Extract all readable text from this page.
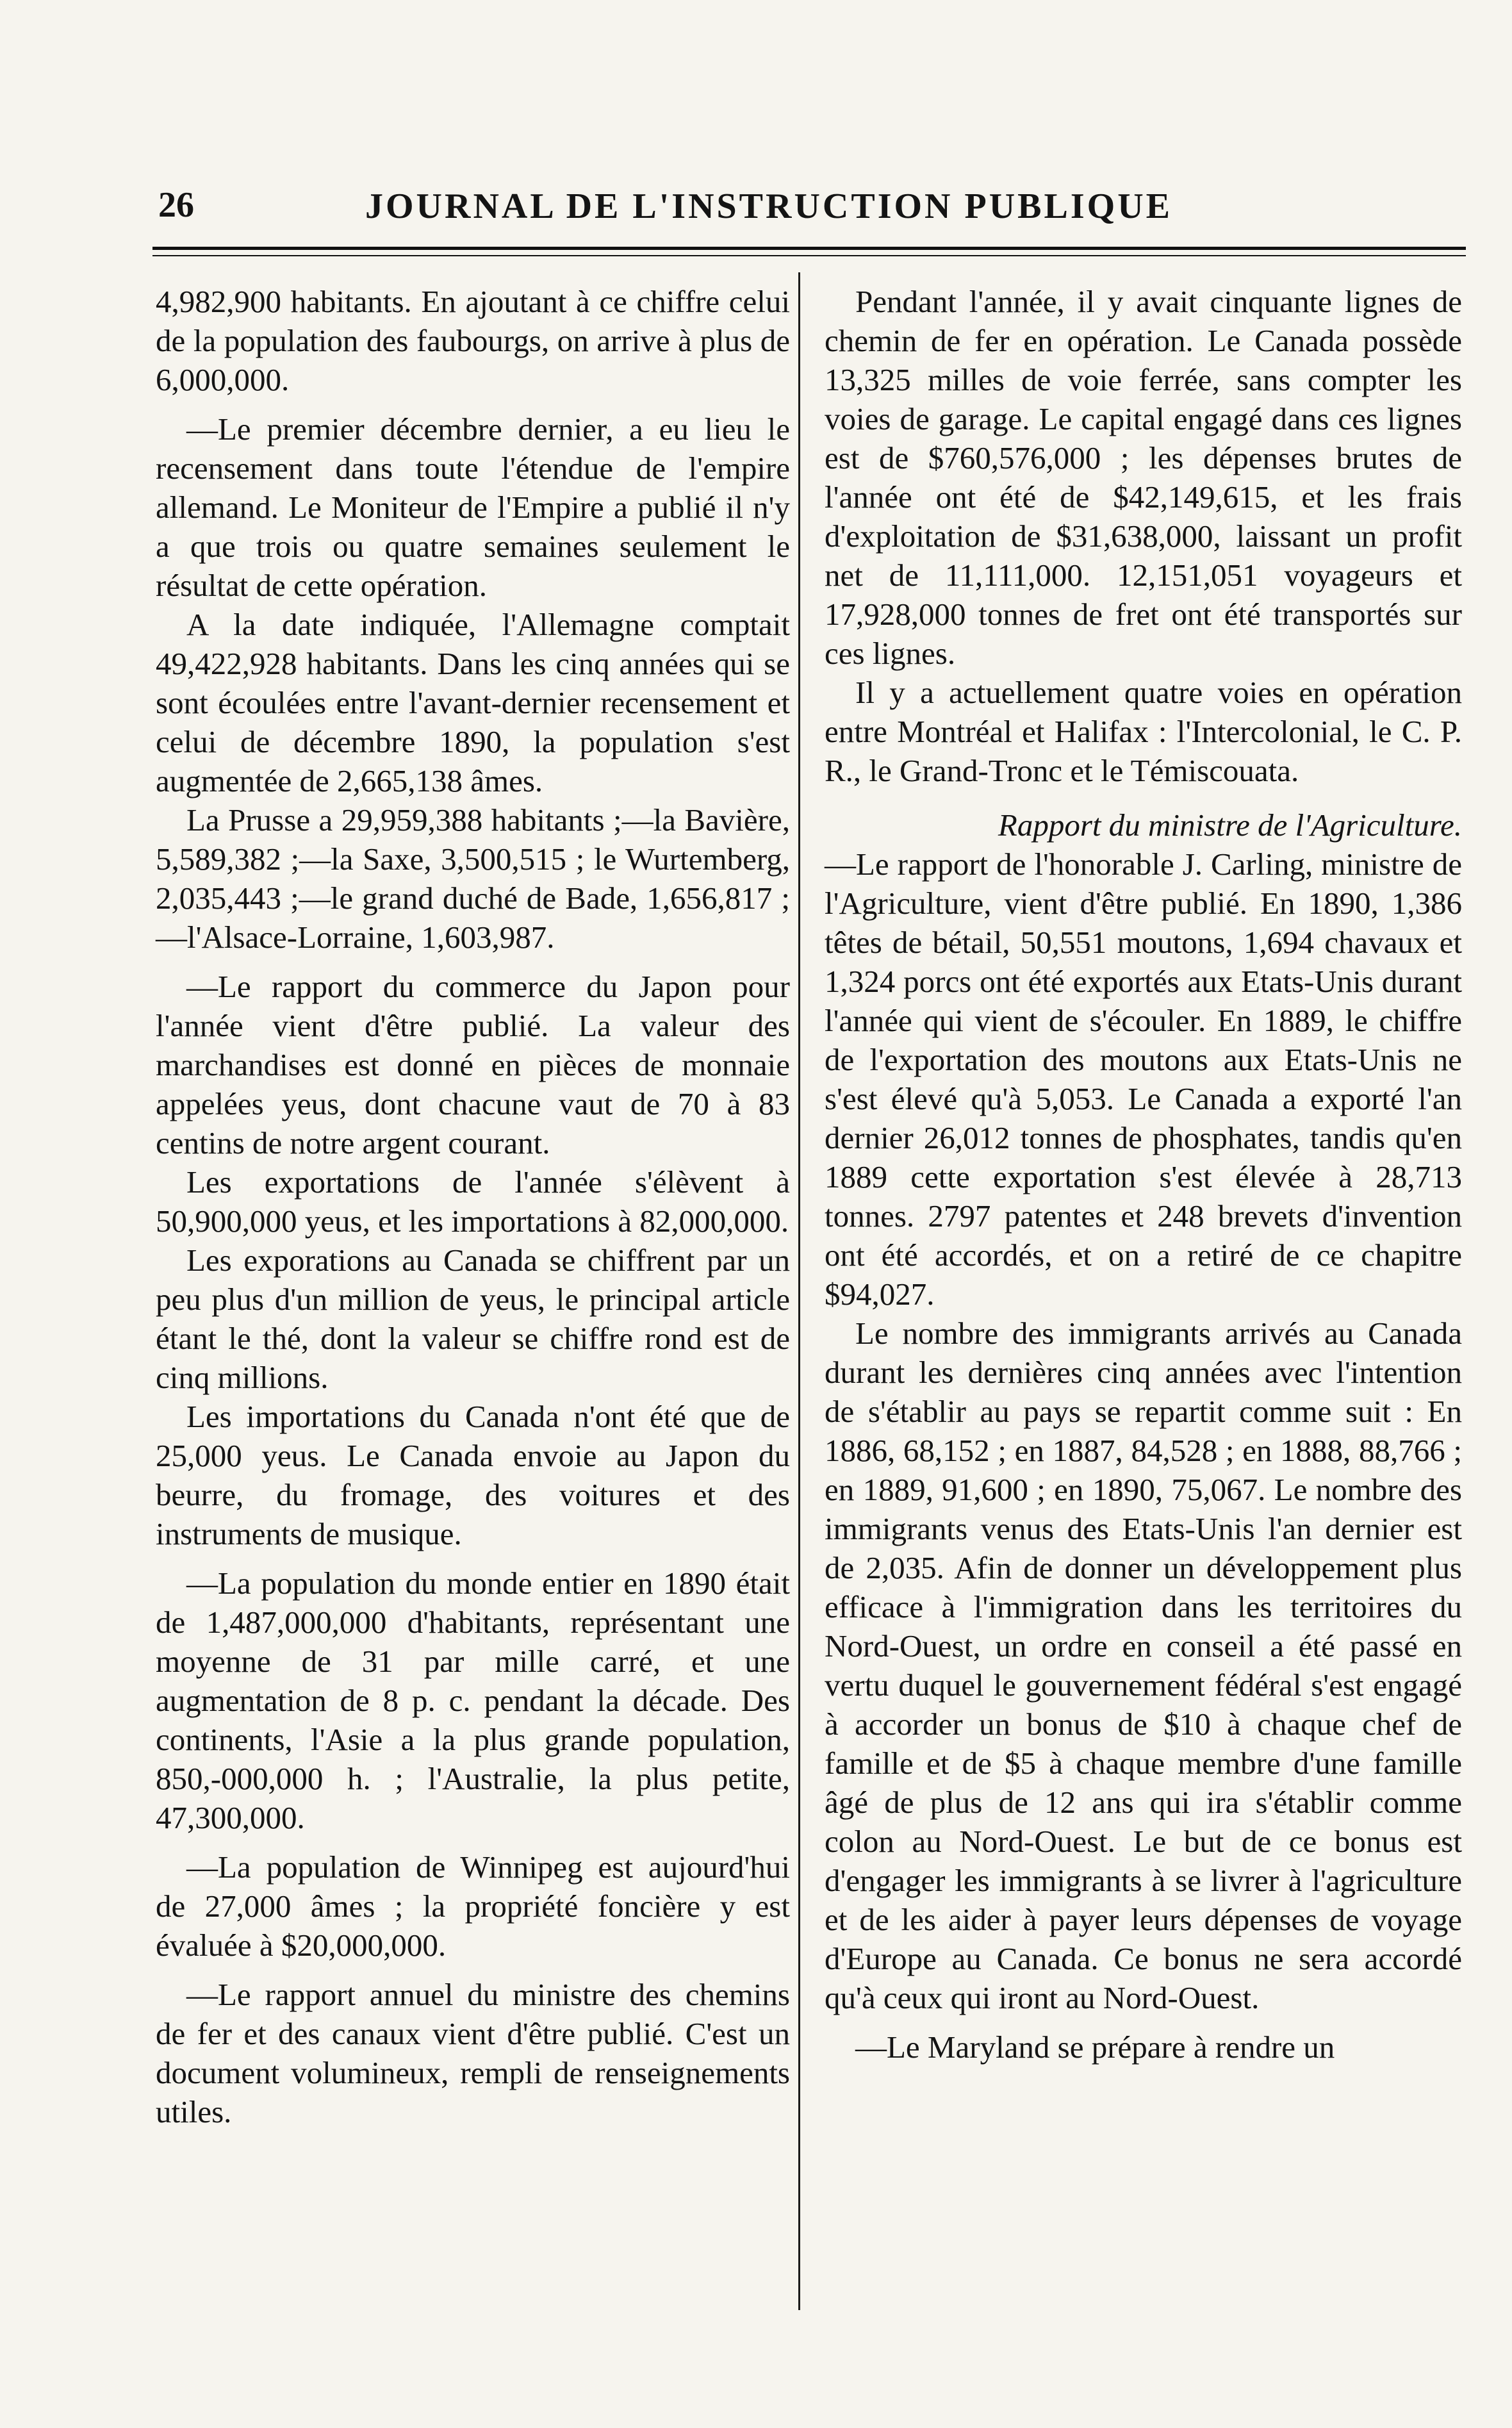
26	JOURNAL DE L'INSTRUCTION PUBLIQUE

4,982,900 habitants. En ajoutant à ce chiffre celui de la population des faubourgs, on arrive à plus de 6,000,000.

—Le premier décembre dernier, a eu lieu le recensement dans toute l'étendue de l'empire allemand. Le Moniteur de l'Empire a publié il n'y a que trois ou quatre semaines seulement le résultat de cette opération.

A la date indiquée, l'Allemagne comptait 49,422,928 habitants. Dans les cinq années qui se sont écoulées entre l'avant-dernier recensement et celui de décembre 1890, la population s'est augmentée de 2,665,138 âmes.

La Prusse a 29,959,388 habitants ;—la Bavière, 5,589,382 ;—la Saxe, 3,500,515 ; le Wurtemberg, 2,035,443 ;—le grand duché de Bade, 1,656,817 ;—l'Alsace-Lorraine, 1,603,987.

—Le rapport du commerce du Japon pour l'année vient d'être publié. La valeur des marchandises est donné en pièces de monnaie appelées yeus, dont chacune vaut de 70 à 83 centins de notre argent courant.

Les exportations de l'année s'élèvent à 50,900,000 yeus, et les importations à 82,000,000.

Les exporations au Canada se chiffrent par un peu plus d'un million de yeus, le principal article étant le thé, dont la valeur se chiffre rond est de cinq millions.

Les importations du Canada n'ont été que de 25,000 yeus. Le Canada envoie au Japon du beurre, du fromage, des voitures et des instruments de musique.

—La population du monde entier en 1890 était de 1,487,000,000 d'habitants, représentant une moyenne de 31 par mille carré, et une augmentation de 8 p. c. pendant la décade. Des continents, l'Asie a la plus grande population, 850,-000,000 h. ; l'Australie, la plus petite, 47,300,000.

—La population de Winnipeg est aujourd'hui de 27,000 âmes ; la propriété foncière y est évaluée à $20,000,000.

—Le rapport annuel du ministre des chemins de fer et des canaux vient d'être publié. C'est un document volumineux, rempli de renseignements utiles.

Pendant l'année, il y avait cinquante lignes de chemin de fer en opération. Le Canada possède 13,325 milles de voie ferrée, sans compter les voies de garage. Le capital engagé dans ces lignes est de $760,576,000 ; les dépenses brutes de l'année ont été de $42,149,615, et les frais d'exploitation de $31,638,000, laissant un profit net de 11,111,000. 12,151,051 voyageurs et 17,928,000 tonnes de fret ont été transportés sur ces lignes.

Il y a actuellement quatre voies en opération entre Montréal et Halifax : l'Intercolonial, le C. P. R., le Grand-Tronc et le Témiscouata.

Rapport du ministre de l'Agriculture.

—Le rapport de l'honorable J. Carling, ministre de l'Agriculture, vient d'être publié. En 1890, 1,386 têtes de bétail, 50,551 moutons, 1,694 chavaux et 1,324 porcs ont été exportés aux Etats-Unis durant l'année qui vient de s'écouler. En 1889, le chiffre de l'exportation des moutons aux Etats-Unis ne s'est élevé qu'à 5,053. Le Canada a exporté l'an dernier 26,012 tonnes de phosphates, tandis qu'en 1889 cette exportation s'est élevée à 28,713 tonnes. 2797 patentes et 248 brevets d'invention ont été accordés, et on a retiré de ce chapitre $94,027.

Le nombre des immigrants arrivés au Canada durant les dernières cinq années avec l'intention de s'établir au pays se repartit comme suit : En 1886, 68,152 ; en 1887, 84,528 ; en 1888, 88,766 ; en 1889, 91,600 ; en 1890, 75,067. Le nombre des immigrants venus des Etats-Unis l'an dernier est de 2,035. Afin de donner un développement plus efficace à l'immigration dans les territoires du Nord-Ouest, un ordre en conseil a été passé en vertu duquel le gouvernement fédéral s'est engagé à accorder un bonus de $10 à chaque chef de famille et de $5 à chaque membre d'une famille âgé de plus de 12 ans qui ira s'établir comme colon au Nord-Ouest. Le but de ce bonus est d'engager les immigrants à se livrer à l'agriculture et de les aider à payer leurs dépenses de voyage d'Europe au Canada. Ce bonus ne sera accordé qu'à ceux qui iront au Nord-Ouest.

—Le Maryland se prépare à rendre un
